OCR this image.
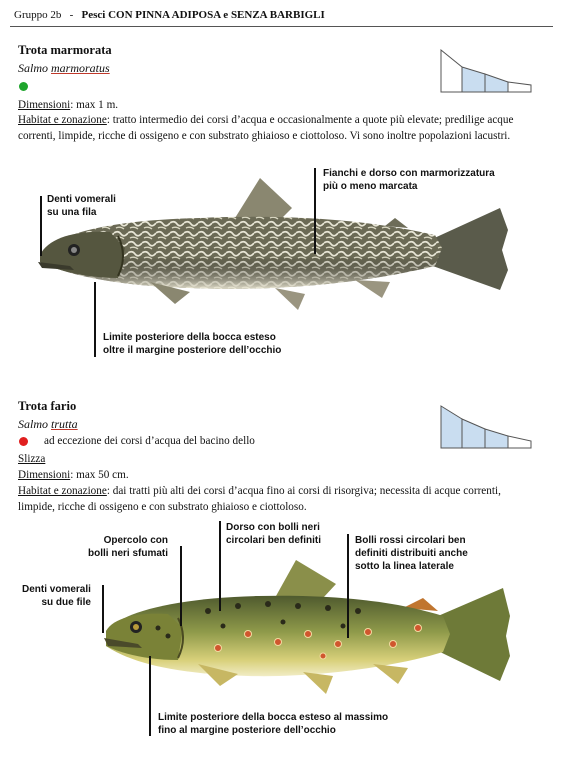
Gruppo 2b - Pesci CON PINNA ADIPOSA e SENZA BARBIGLI
Trota marmorata
Salmo marmoratus
Dimensioni: max 1 m.
Habitat e zonazione: tratto intermedio dei corsi d’acqua e occasionalmente a quote più elevate; predilige acque correnti, limpide, ricche di ossigeno e con substrato ghiaioso e ciottoloso. Vi sono inoltre popolazioni lacustri.
Denti vomerali
su una fila
Fianchi e dorso con marmorizzatura
più o meno marcata
Limite posteriore della bocca esteso
oltre il margine posteriore dell’occhio
Trota fario
Salmo trutta
ad eccezione dei corsi d’acqua del bacino dello
Slizza
Dimensioni: max 50 cm.
Habitat e zonazione: dai tratti più alti dei corsi d’acqua fino ai corsi di risorgiva; necessita di acque correnti, limpide, ricche di ossigeno e con substrato ghiaioso e ciottoloso.
Opercolo con
bolli neri sfumati
Dorso con bolli neri
circolari ben definiti	Bolli rossi circolari ben
definiti distribuiti anche
sotto la linea laterale
Denti vomerali
su due file
Limite posteriore della bocca esteso al massimo
fino al margine posteriore dell’occhio
